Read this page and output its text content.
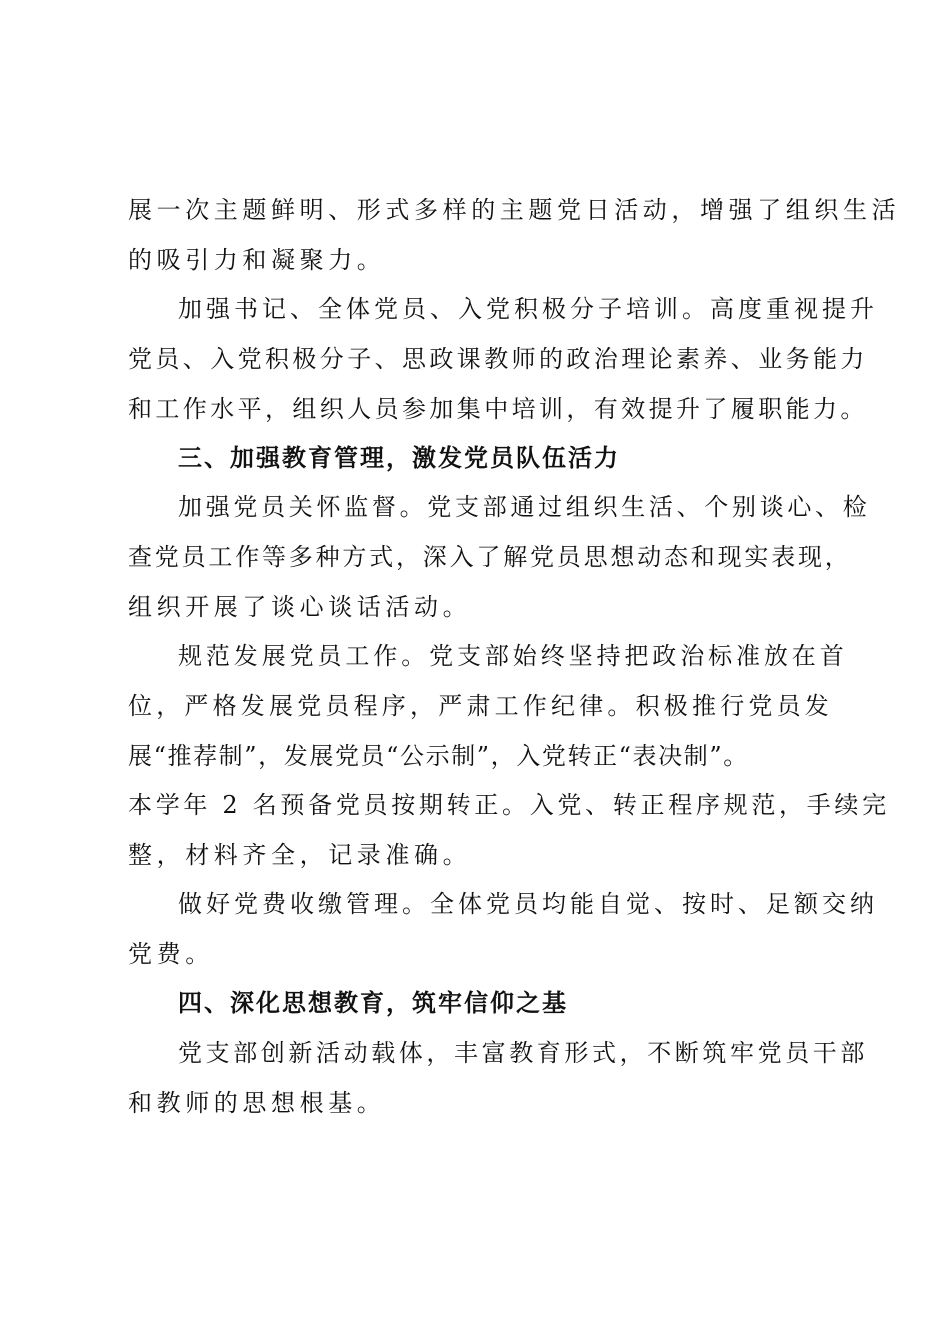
展一次主题鲜明、形式多样的主题党日活动，增强了组织生活
的吸引力和凝聚力。
加强书记、全体党员、入党积极分子培训。高度重视提升
党员、入党积极分子、思政课教师的政治理论素养、业务能力
和工作水平，组织人员参加集中培训，有效提升了履职能力。
三、加强教育管理，激发党员队伍活力
加强党员关怀监督。党支部通过组织生活、个别谈心、检
查党员工作等多种方式，深入了解党员思想动态和现实表现，
组织开展了谈心谈话活动。
规范发展党员工作。党支部始终坚持把政治标准放在首
位，严格发展党员程序，严肃工作纪律。积极推行党员发
展“推荐制”，发展党员“公示制”，入党转正“表决制”。
本学年 2 名预备党员按期转正。入党、转正程序规范，手续完
整，材料齐全，记录准确。
做好党费收缴管理。全体党员均能自觉、按时、足额交纳
党费。
四、深化思想教育，筑牢信仰之基
党支部创新活动载体，丰富教育形式，不断筑牢党员干部
和教师的思想根基。
